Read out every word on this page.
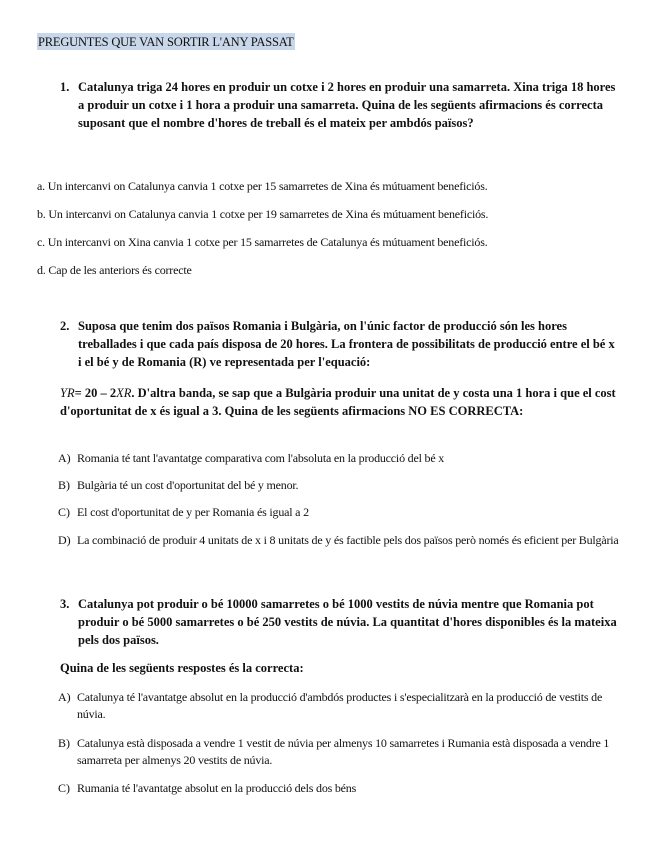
PREGUNTES QUE VAN SORTIR L'ANY PASSAT
1. Catalunya triga 24 hores en produir un cotxe i 2 hores en produir una samarreta. Xina triga 18 hores a produir un cotxe i 1 hora a produir una samarreta. Quina de les següents afirmacions és correcta suposant que el nombre d'hores de treball és el mateix per ambdós països?
a. Un intercanvi on Catalunya canvia 1 cotxe per 15 samarretes de Xina és mútuament beneficiós.
b. Un intercanvi on Catalunya canvia 1 cotxe per 19 samarretes de Xina és mútuament beneficiós.
c. Un intercanvi on Xina canvia 1 cotxe per 15 samarretes de Catalunya és mútuament beneficiós.
d. Cap de les anteriors és correcte
2. Suposa que tenim dos països Romania i Bulgària, on l'únic factor de producció són les hores treballades i que cada país disposa de 20 hores. La frontera de possibilitats de producció entre el bé x i el bé y de Romania (R) ve representada per l'equació:
YR= 20 – 2XR. D'altra banda, se sap que a Bulgària produir una unitat de y costa una 1 hora i que el cost d'oportunitat de x és igual a 3. Quina de les següents afirmacions NO ES CORRECTA:
A) Romania té tant l'avantatge comparativa com l'absoluta en la producció del bé x
B) Bulgària té un cost d'oportunitat del bé y menor.
C) El cost d'oportunitat de y per Romania és igual a 2
D) La combinació de produir 4 unitats de x i 8 unitats de y és factible pels dos països però només és eficient per Bulgària
3. Catalunya pot produir o bé 10000 samarretes o bé 1000 vestits de núvia mentre que Romania pot produir o bé 5000 samarretes o bé 250 vestits de núvia. La quantitat d'hores disponibles és la mateixa pels dos països.
Quina de les següents respostes és la correcta:
A) Catalunya té l'avantatge absolut en la producció d'ambdós productes i s'especialitzarà en la producció de vestits de núvia.
B) Catalunya està disposada a vendre 1 vestit de núvia per almenys 10 samarretes i Rumania està disposada a vendre 1 samarreta per almenys 20 vestits de núvia.
C) Rumania té l'avantatge absolut en la producció dels dos béns
